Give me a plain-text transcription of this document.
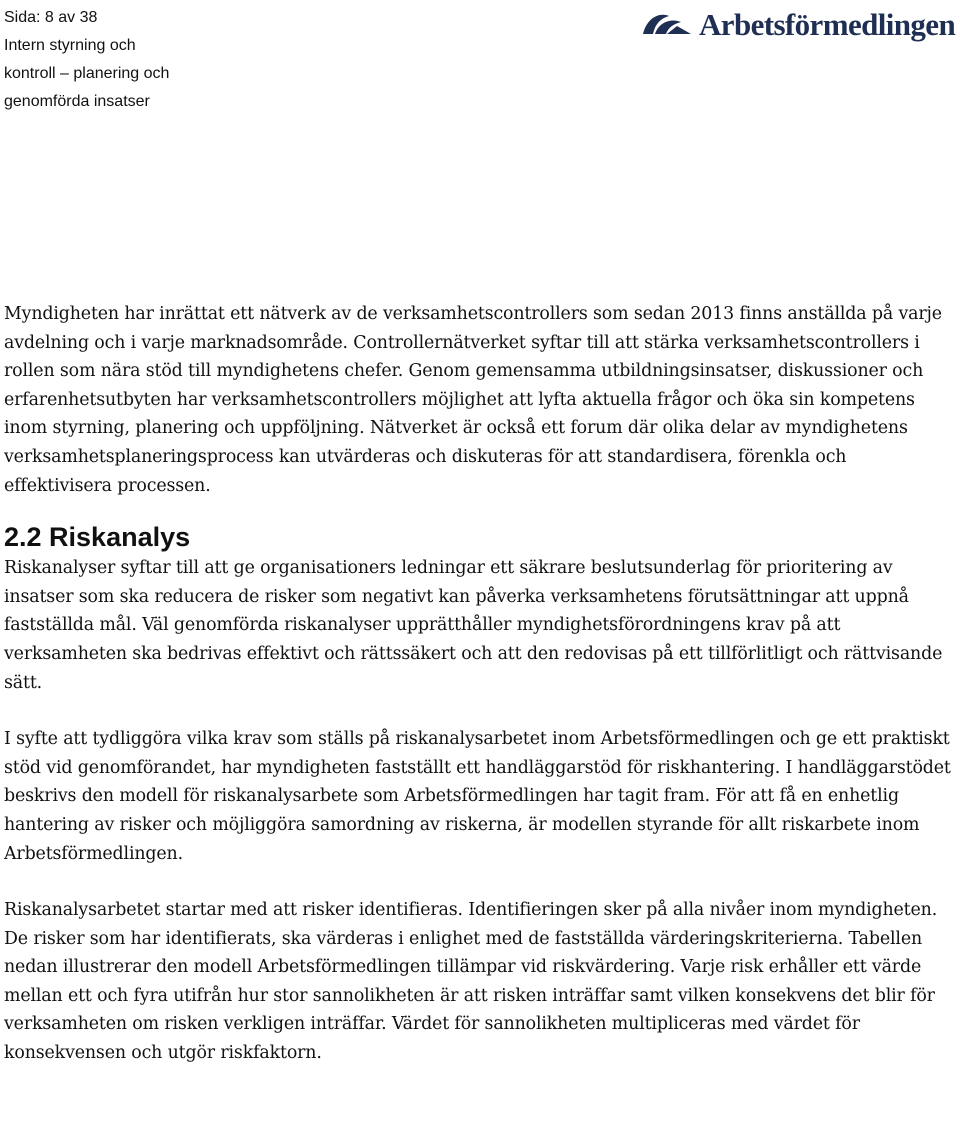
Sida: 8 av 38
Intern styrning och
kontroll – planering och
genomförda insatser
Arbetsförmedlingen

Myndigheten har inrättat ett nätverk av de verksamhetscontrollers som sedan 2013 finns anställda på varje avdelning och i varje marknadsområde. Controllernätverket syftar till att stärka verksamhetscontrollers i rollen som nära stöd till myndighetens chefer. Genom gemensamma utbildningsinsatser, diskussioner och erfarenhetsutbyten har verksamhetscontrollers möjlighet att lyfta aktuella frågor och öka sin kompetens inom styrning, planering och uppföljning. Nätverket är också ett forum där olika delar av myndighetens verksamhetsplaneringsprocess kan utvärderas och diskuteras för att standardisera, förenkla och effektivisera processen.

2.2 Riskanalys

Riskanalyser syftar till att ge organisationers ledningar ett säkrare beslutsunderlag för prioritering av insatser som ska reducera de risker som negativt kan påverka verksamhetens förutsättningar att uppnå fastställda mål. Väl genomförda riskanalyser upprätthåller myndighetsförordningens krav på att verksamheten ska bedrivas effektivt och rättssäkert och att den redovisas på ett tillförlitligt och rättvisande sätt.

I syfte att tydliggöra vilka krav som ställs på riskanalysarbetet inom Arbetsförmedlingen och ge ett praktiskt stöd vid genomförandet, har myndigheten fastställt ett handläggarstöd för riskhantering. I handläggarstödet beskrivs den modell för riskanalysarbete som Arbetsförmedlingen har tagit fram. För att få en enhetlig hantering av risker och möjliggöra samordning av riskerna, är modellen styrande för allt riskarbete inom Arbetsförmedlingen.

Riskanalysarbetet startar med att risker identifieras. Identifieringen sker på alla nivåer inom myndigheten. De risker som har identifierats, ska värderas i enlighet med de fastställda värderingskriterierna. Tabellen nedan illustrerar den modell Arbetsförmedlingen tillämpar vid riskvärdering. Varje risk erhåller ett värde mellan ett och fyra utifrån hur stor sannolikheten är att risken inträffar samt vilken konsekvens det blir för verksamheten om risken verkligen inträffar. Värdet för sannolikheten multipliceras med värdet för konsekvensen och utgör riskfaktorn.
